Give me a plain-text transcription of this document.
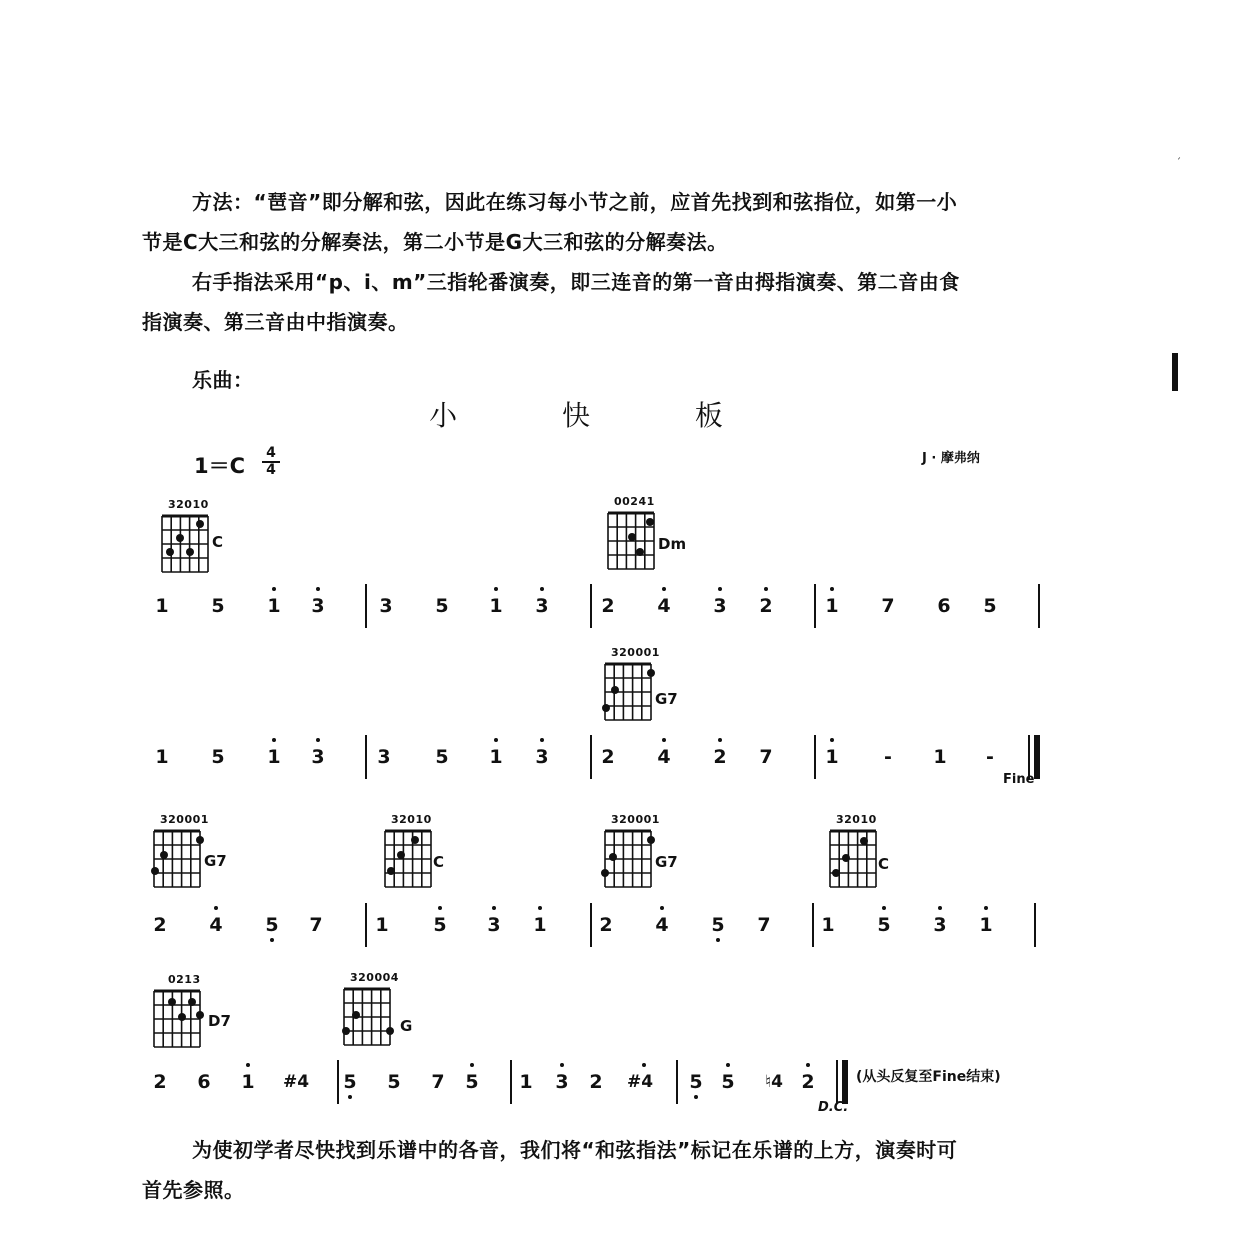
方法：“琶音”即分解和弦，因此在练习每小节之前，应首先找到和弦指位，如第一小
节是C大三和弦的分解奏法，第二小节是G大三和弦的分解奏法。
右手指法采用“p、i、m”三指轮番演奏，即三连音的第一音由拇指演奏、第二音由食
指演奏、第三音由中指演奏。
乐曲：
ˊ
小 快 板
$1=C \frac{4}{4}$	J · 摩弗纳
32010
C
00241
Dm
320001
G7
320001
G7
32010
C
320001
G7
32010
C
0213
D7
320004
G
1 5 1 3	3 5 1 3	2 4 3 2	1 7 6 5
1 5 1 3	3 5 1 3	2 4 2 7	1	-	1	-
2 4 5 7	1 5 3 1	2 4 5 7	1 5 3 1
2 6 1 #4 5 5 7 5 1 3 2 #4 5 5 ♮4 2
Fine
D.C.
(从头反复至Fine结束)
为使初学者尽快找到乐谱中的各音，我们将“和弦指法”标记在乐谱的上方，演奏时可
首先参照。
